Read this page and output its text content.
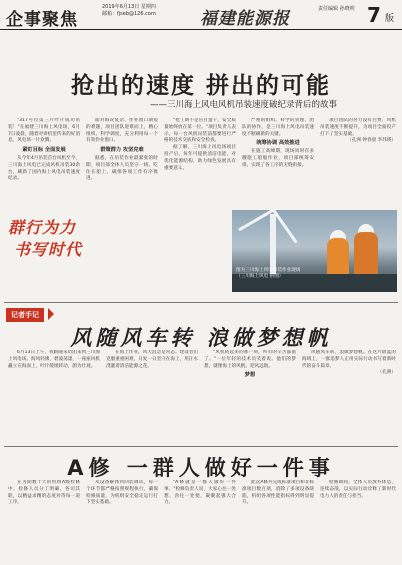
企事聚焦
2019年6月13日 星期四
邮箱：fjseb@126.com	福建能源报	责任编辑 孙晓明 7 版
抢出的速度 拼出的可能
——三川海上风电风机吊装速度破纪录背后的故事

"317号位第三片叶片成功吊装！"在福建三川海上风电场，6月7日凌晨，随着对讲机里传来的好消息，风电场一片欢腾。

紧盯目标 全面发展

从今年4月吊装首台风机至今，三川海上风电已完成风机吊装30余台，刷新了国内海上风电吊装速度纪录。

群行为力
书写时代

面对海况复杂、作业窗口期短的难题，项目团队迎难而上，精心组织，科学调度，充分利用每一个有效作业窗口。

群策群力 攻坚克难

据悉，在吊装作业最紧张的时期，项目部全体人员坚守一线，吃住在船上，确保各项工作有序推进。

"抢工期不是盲目蛮干，安全质量始终放在第一位。"项目负责人表示，每一台风机吊装前都要进行严格的技术交底和安全检查。

据了解，三川海上风电场项目投产后，每年可提供清洁电能，对优化能源结构、助力绿色发展具有重要意义。

严密的组织、科学的管理、团队的协作，是三川海上风电吊装速度不断刷新的关键。

统筹协调 高效推进

在施工高峰期，现场同时有多艘施工船舶作业，项目部统筹安排，实现了各工序的无缝衔接。

项目团队的努力没有白费，风机吊装速度不断提升，为项目全面投产打下了坚实基础。

（孔洲 钟春晨 李玮瑛）
图为三川海上风电吊装作业现场
（三川海上风电 供图）
记者手记
风随风车转 浪做梦想帆

6月13日上午，我跟随采访团来到三川海上风电场。海风轻拂，碧波荡漾，一座座风机矗立在海面上，叶片缓缓转动，蔚为壮观。

在海上作业，风大浪急是常态。建设者们克服重重困难，日复一日坚守在海上，用汗水浇灌着清洁能源之花。

"风机转起来的那一刻，所有的辛苦都值了。"一位年轻的技术员笑着说。他们的梦想，就像海上的风帆，迎风远航。

梦想

风随风车转，浪做梦想帆。在这片蔚蓝的海域上，一群追梦人正用实际行动书写着新时代的奋斗篇章。

（孔洲）
A修 一群人做好一件事

在为期数十天的机组A级检修中，检修人员分工明确、各司其职，以精益求精的态度对待每一道工序。

从设备解体到回装调试，每一个环节都严格按照规程执行，确保检修质量，为机组安全稳定运行打下坚实基础。

"A修就是一群人做好一件事。"检修负责人说，大家心往一处想、劲往一处使，凝聚起强大合力。

此次A修共完成标准项目和非标准项目数百项，消除了多项设备缺陷，机组各项性能指标得到明显提升。

检修期间，全体人员放弃休息，连续奋战，以实际行动诠释了新时代电力人的责任与担当。
